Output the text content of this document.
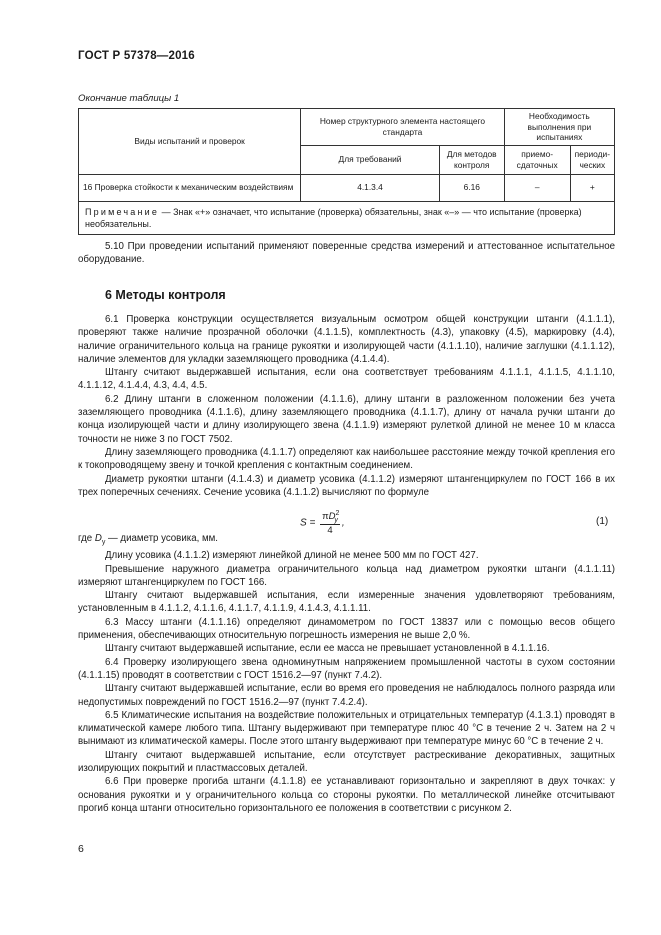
ГОСТ Р 57378—2016
Окончание таблицы 1
Виды испытаний и проверок	Номер структурного элемента настоящего стандарта		Необходимость выполнения при испытаниях	
	Для требований	Для методов контроля	приемо-сдаточных	периоди-ческих
16 Проверка стойкости к механическим воздействиям	4.1.3.4	6.16	–	+
Примечание — Знак «+» означает, что испытание (проверка) обязательны, знак «–» — что испытание (проверка) необязательны.				

5.10 При проведении испытаний применяют поверенные средства измерений и аттестованное испытательное оборудование.

6 Методы контроля

6.1 Проверка конструкции осуществляется визуальным осмотром общей конструкции штанги (4.1.1.1), проверяют также наличие прозрачной оболочки (4.1.1.5), комплектность (4.3), упаковку (4.5), маркировку (4.4), наличие ограничительного кольца на границе рукоятки и изолирующей части (4.1.1.10), наличие заглушки (4.1.1.12), наличие элементов для укладки заземляющего проводника (4.1.4.4).

Штангу считают выдержавшей испытания, если она соответствует требованиям 4.1.1.1, 4.1.1.5, 4.1.1.10, 4.1.1.12, 4.1.4.4, 4.3, 4.4, 4.5.

6.2 Длину штанги в сложенном положении (4.1.1.6), длину штанги в разложенном положении без учета заземляющего проводника (4.1.1.6), длину заземляющего проводника (4.1.1.7), длину от начала ручки штанги до конца изолирующей части и длину изолирующего звена (4.1.1.9) измеряют рулеткой длиной не менее 10 м класса точности не ниже 3 по ГОСТ 7502.

Длину заземляющего проводника (4.1.1.7) определяют как наибольшее расстояние между точкой крепления его к токопроводящему звену и точкой крепления с контактным соединением.

Диаметр рукоятки штанги (4.1.4.3) и диаметр усовика (4.1.1.2) измеряют штангенциркулем по ГОСТ 166 в их трех поперечных сечениях. Сечение усовика (4.1.1.2) вычисляют по формуле

$S = \frac{\pi D^2_у}{4}$ ,	(1)

где $D_у$ — диаметр усовика, мм.

Длину усовика (4.1.1.2) измеряют линейкой длиной не менее 500 мм по ГОСТ 427.

Превышение наружного диаметра ограничительного кольца над диаметром рукоятки штанги (4.1.1.11) измеряют штангенциркулем по ГОСТ 166.

Штангу считают выдержавшей испытания, если измеренные значения удовлетворяют требованиям, установленным в 4.1.1.2, 4.1.1.6, 4.1.1.7, 4.1.1.9, 4.1.4.3, 4.1.1.11.

6.3 Массу штанги (4.1.1.16) определяют динамометром по ГОСТ 13837 или с помощью весов общего применения, обеспечивающих относительную погрешность измерения не выше 2,0 %.

Штангу считают выдержавшей испытание, если ее масса не превышает установленной в 4.1.1.16.

6.4 Проверку изолирующего звена одноминутным напряжением промышленной частоты в сухом состоянии (4.1.1.15) проводят в соответствии с ГОСТ 1516.2—97 (пункт 7.4.2).

Штангу считают выдержавшей испытание, если во время его проведения не наблюдалось полного разряда или недопустимых повреждений по ГОСТ 1516.2—97 (пункт 7.4.2.4).

6.5 Климатические испытания на воздействие положительных и отрицательных температур (4.1.3.1) проводят в климатической камере любого типа. Штангу выдерживают при температуре плюс 40 °С в течение 2 ч. Затем на 2 ч вынимают из климатической камеры. После этого штангу выдерживают при температуре минус 60 °С в течение 2 ч.

Штангу считают выдержавшей испытание, если отсутствует растрескивание декоративных, защитных изолирующих покрытий и пластмассовых деталей.

6.6 При проверке прогиба штанги (4.1.1.8) ее устанавливают горизонтально и закрепляют в двух точках: у основания рукоятки и у ограничительного кольца со стороны рукоятки. По металлической линейке отсчитывают прогиб конца штанги относительно горизонтального ее положения в соответствии с рисунком 2.

6
